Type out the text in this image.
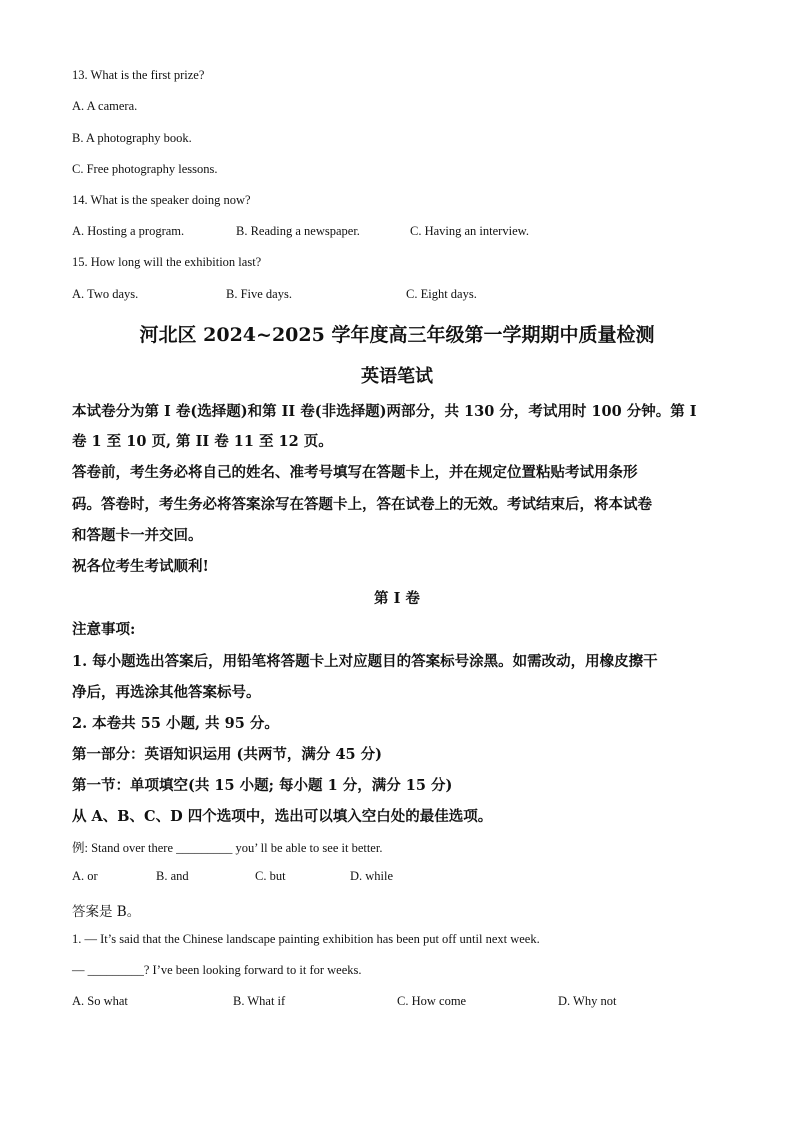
13. What is the first prize?
A. A camera.
B. A photography book.
C. Free photography lessons.
14. What is the speaker doing now?
A. Hosting a program.	B. Reading a newspaper.	C. Having an interview.
15. How long will the exhibition last?
A. Two days.	B. Five days.	C. Eight days.
河北区 2024~2025 学年度高三年级第一学期期中质量检测
英语笔试
本试卷分为第 I 卷(选择题)和第 II 卷(非选择题)两部分，共 130 分，考试用时 100 分钟。第 I
卷 1 至 10 页, 第 II 卷 11 至 12 页。
答卷前，考生务必将自己的姓名、准考号填写在答题卡上，并在规定位置粘贴考试用条形
码。答卷时，考生务必将答案涂写在答题卡上，答在试卷上的无效。考试结束后，将本试卷
和答题卡一并交回。
祝各位考生考试顺利!
第 I 卷
注意事项:
1. 每小题选出答案后，用铅笔将答题卡上对应题目的答案标号涂黑。如需改动，用橡皮擦干
净后，再选涂其他答案标号。
2. 本卷共 55 小题, 共 95 分。
第一部分：英语知识运用 (共两节，满分 45 分)
第一节：单项填空(共 15 小题; 每小题 1 分，满分 15 分)
从 A、B、C、D 四个选项中，选出可以填入空白处的最佳选项。
例: Stand over there _________ you’ ll be able to see it better.
A. or	B. and	C. but	D. while
答案是 B。
1. — It’s said that the Chinese landscape painting exhibition has been put off until next week.
— _________? I’ve been looking forward to it for weeks.
A. So what	B. What if	C. How come	D. Why not
